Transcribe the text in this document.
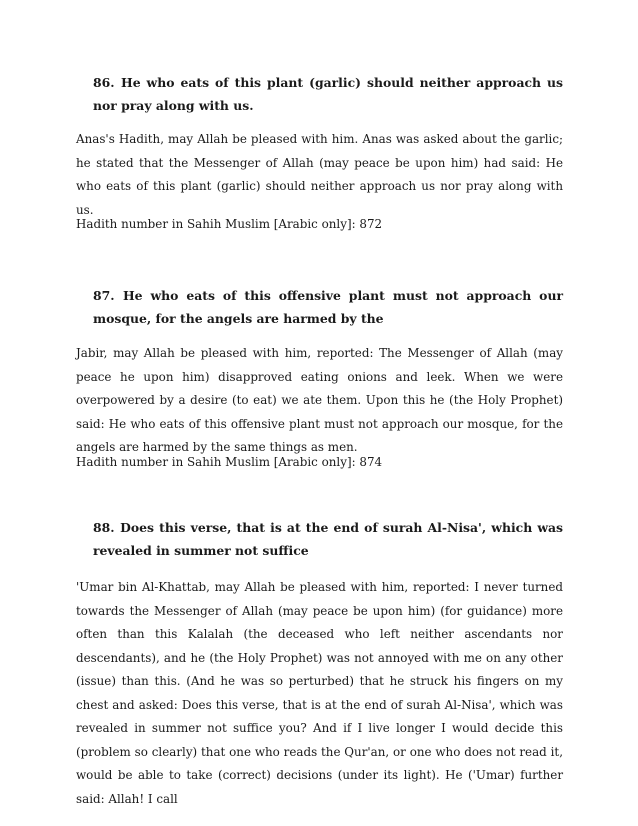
86. He who eats of this plant (garlic) should neither approach us nor pray along with us.

Anas's Hadith, may Allah be pleased with him. Anas was asked about the garlic; he stated that the Messenger of Allah (may peace be upon him) had said: He who eats of this plant (garlic) should neither approach us nor pray along with us.

Hadith number in Sahih Muslim [Arabic only]: 872

87. He who eats of this offensive plant must not approach our mosque, for the angels are harmed by the

Jabir, may Allah be pleased with him, reported: The Messenger of Allah (may peace he upon him) disapproved eating onions and leek. When we were overpowered by a desire (to eat) we ate them. Upon this he (the Holy Prophet) said: He who eats of this offensive plant must not approach our mosque, for the angels are harmed by the same things as men.

Hadith number in Sahih Muslim [Arabic only]: 874

88. Does this verse, that is at the end of surah Al-Nisa', which was revealed in summer not suffice

'Umar bin Al-Khattab, may Allah be pleased with him, reported: I never turned towards the Messenger of Allah (may peace be upon him) (for guidance) more often than this Kalalah (the deceased who left neither ascendants nor descendants), and he (the Holy Prophet) was not annoyed with me on any other (issue) than this. (And he was so perturbed) that he struck his fingers on my chest and asked: Does this verse, that is at the end of surah Al-Nisa', which was revealed in summer not suffice you? And if I live longer I would decide this (problem so clearly) that one who reads the Qur'an, or one who does not read it, would be able to take (correct) decisions (under its light). He ('Umar) further said: Allah! I call
